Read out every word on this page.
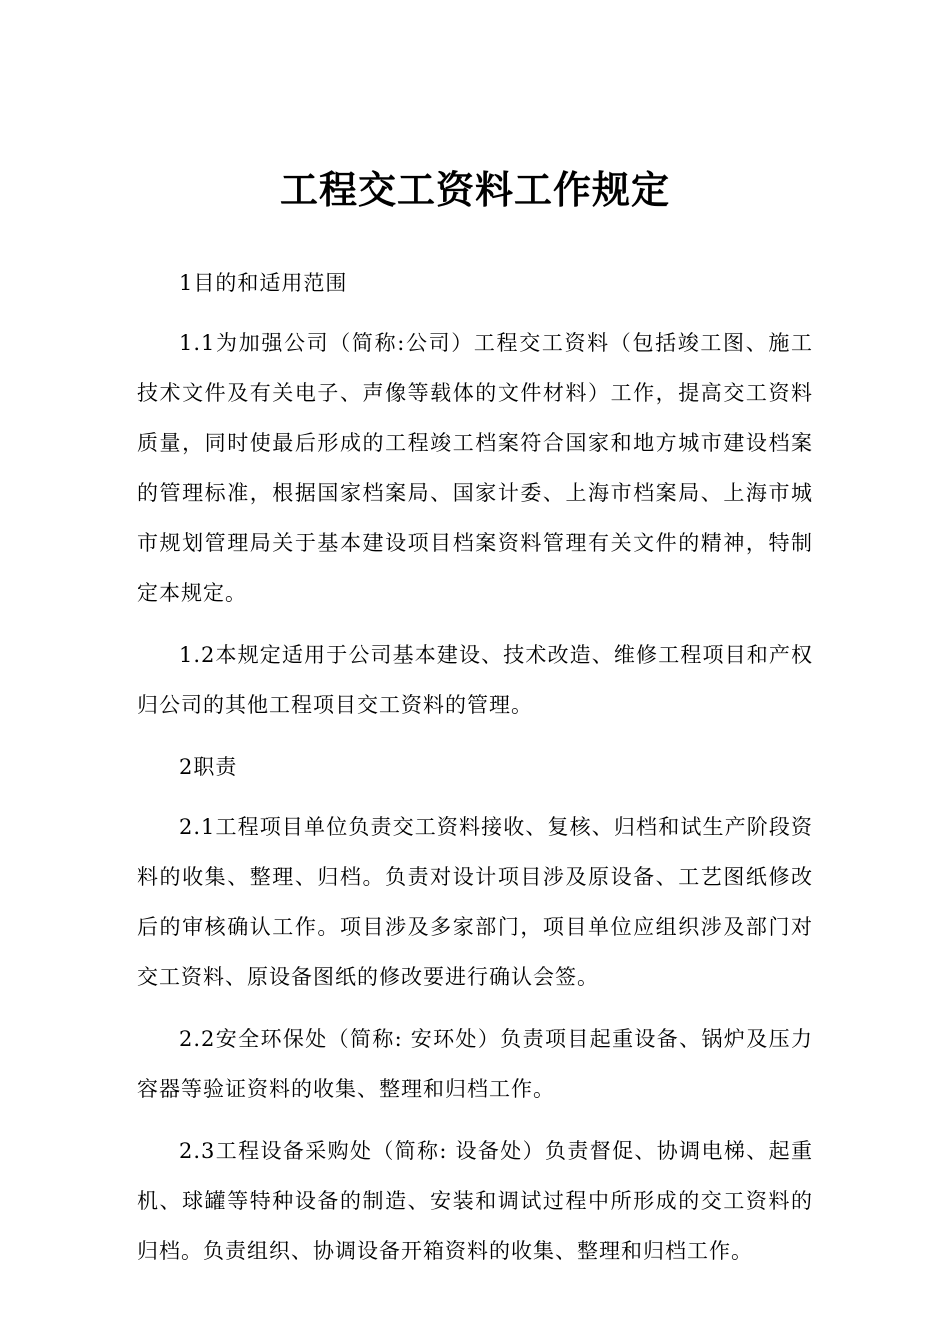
工程交工资料工作规定

1目的和适用范围

1.1为加强公司（简称:公司）工程交工资料（包括竣工图、施工技术文件及有关电子、声像等载体的文件材料）工作，提高交工资料质量，同时使最后形成的工程竣工档案符合国家和地方城市建设档案的管理标准，根据国家档案局、国家计委、上海市档案局、上海市城市规划管理局关于基本建设项目档案资料管理有关文件的精神，特制定本规定。

1.2本规定适用于公司基本建设、技术改造、维修工程项目和产权归公司的其他工程项目交工资料的管理。

2职责

2.1工程项目单位负责交工资料接收、复核、归档和试生产阶段资料的收集、整理、归档。负责对设计项目涉及原设备、工艺图纸修改后的审核确认工作。项目涉及多家部门，项目单位应组织涉及部门对交工资料、原设备图纸的修改要进行确认会签。

2.2安全环保处（简称: 安环处）负责项目起重设备、锅炉及压力容器等验证资料的收集、整理和归档工作。

2.3工程设备采购处（简称: 设备处）负责督促、协调电梯、起重机、球罐等特种设备的制造、安装和调试过程中所形成的交工资料的归档。负责组织、协调设备开箱资料的收集、整理和归档工作。
